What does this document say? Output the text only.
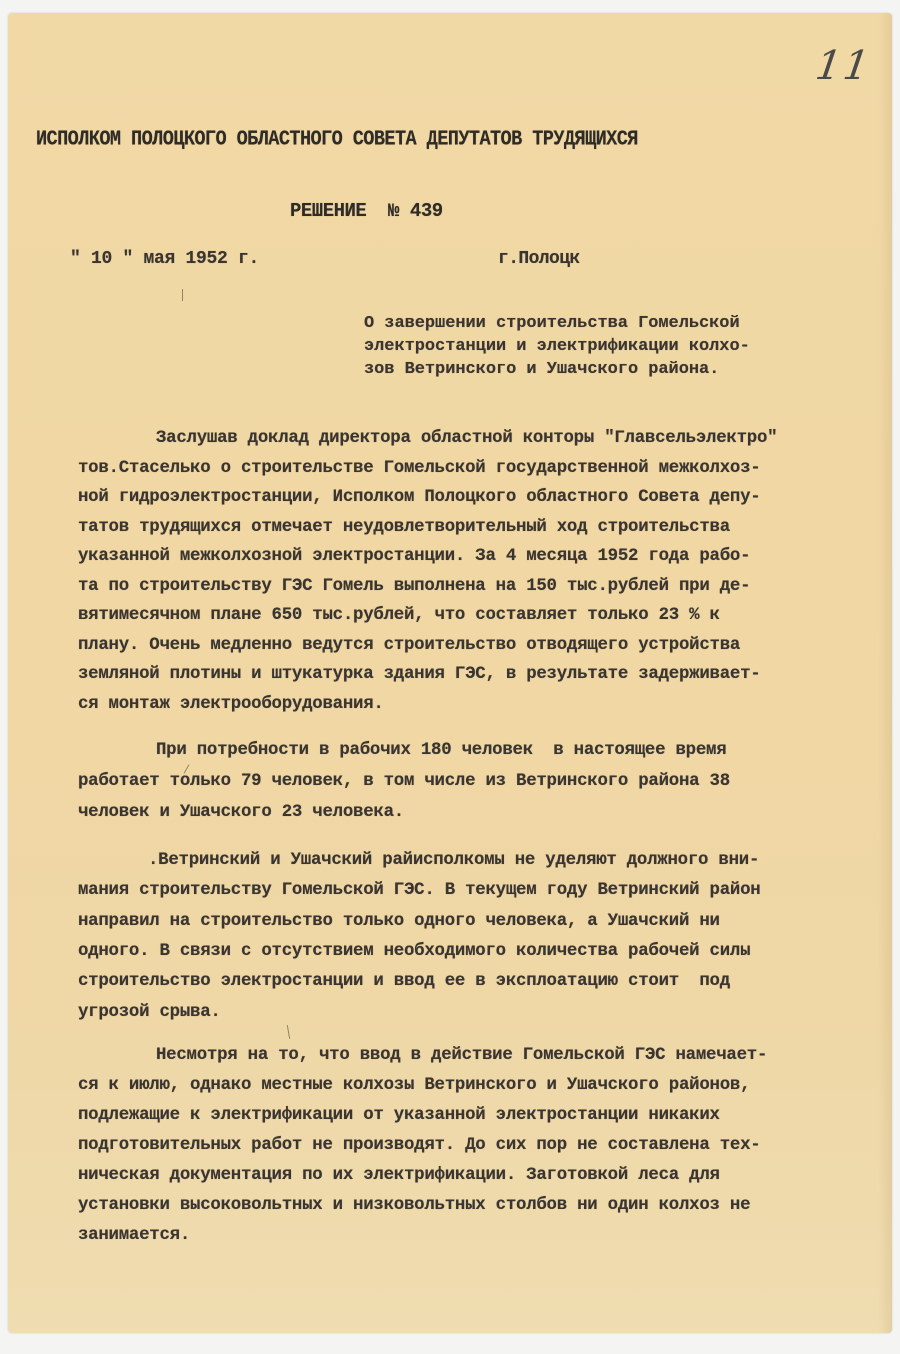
11
ИСПОЛКОМ ПОЛОЦКОГО ОБЛАСТНОГО СОВЕТА ДЕПУТАТОВ ТРУДЯЩИХСЯ
РЕШЕНИЕ  № 439
" 10 " мая 1952 г.	г.Полоцк
О завершении строительства Гомельской
электростанции и электрификации колхо-
зов Ветринского и Ушачского района.
Заслушав доклад директора областной конторы "Главсельэлектро"
тов.Стаселько о строительстве Гомельской государственной межколхоз-
ной гидроэлектростанции, Исполком Полоцкого областного Совета депу-
татов трудящихся отмечает неудовлетворительный ход строительства
указанной межколхозной электростанции. За 4 месяца 1952 года рабо-
та по строительству ГЭС Гомель выполнена на 150 тыс.рублей при де-
вятимесячном плане 650 тыс.рублей, что составляет только 23 % к
плану. Очень медленно ведутся строительство отводящего устройства
земляной плотины и штукатурка здания ГЭС, в результате задерживает-
ся монтаж электрооборудования.
При потребности в рабочих 180 человек  в настоящее время
работает только 79 человек, в том числе из Ветринского района 38
человек и Ушачского 23 человека.
.Ветринский и Ушачский райисполкомы не уделяют должного вни-
мания строительству Гомельской ГЭС. В текущем году Ветринский район
направил на строительство только одного человека, а Ушачский ни
одного. В связи с отсутствием необходимого количества рабочей силы
строительство электростанции и ввод ее в эксплоатацию стоит  под
угрозой срыва.
Несмотря на то, что ввод в действие Гомельской ГЭС намечает-
ся к июлю, однако местные колхозы Ветринского и Ушачского районов,
подлежащие к электрификации от указанной электростанции никаких
подготовительных работ не производят. До сих пор не составлена тех-
ническая документация по их электрификации. Заготовкой леса для
установки высоковольтных и низковольтных столбов ни один колхоз не
занимается.
